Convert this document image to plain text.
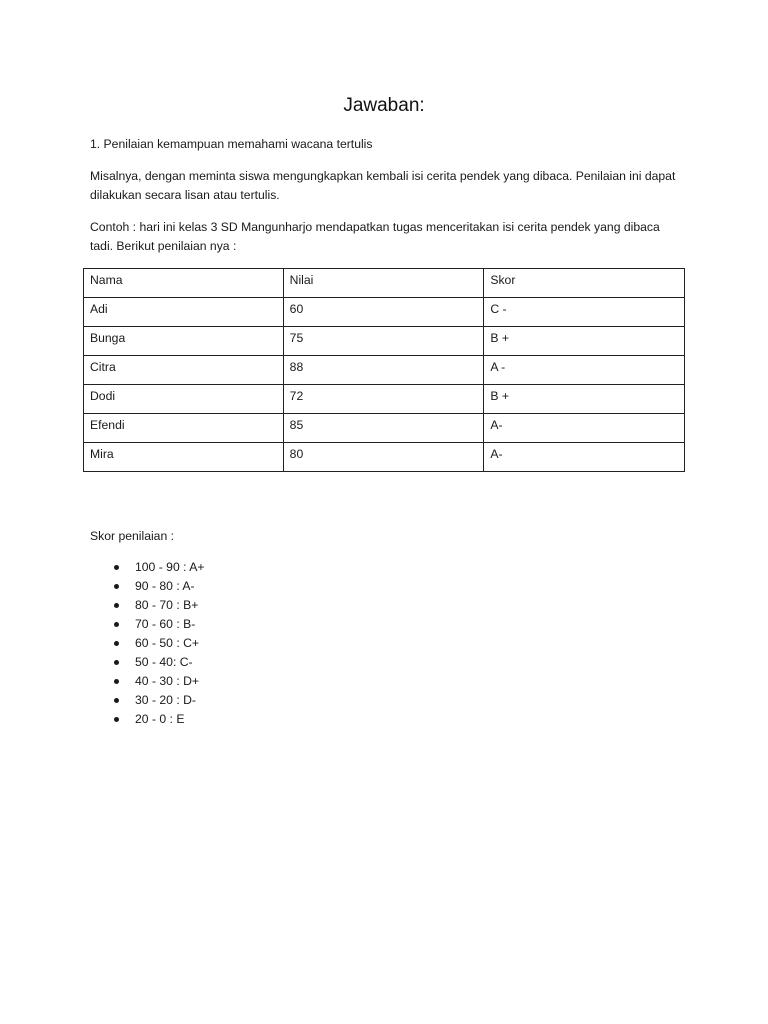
Jawaban:
1. Penilaian kemampuan memahami wacana tertulis
Misalnya, dengan meminta siswa mengungkapkan kembali isi cerita pendek yang dibaca. Penilaian ini dapat dilakukan secara lisan atau tertulis.
Contoh : hari ini kelas 3 SD Mangunharjo mendapatkan tugas menceritakan isi cerita pendek yang dibaca tadi. Berikut penilaian nya :
Nama	Nilai	Skor
Adi	60	C -
Bunga	75	B +
Citra	88	A -
Dodi	72	B +
Efendi	85	A-
Mira	80	A-
Skor penilaian :
100 - 90 : A+
90 - 80 : A-
80 - 70 : B+
70 - 60 : B-
60 - 50 : C+
50 - 40: C-
40 - 30 : D+
30 - 20 : D-
20 - 0 : E
